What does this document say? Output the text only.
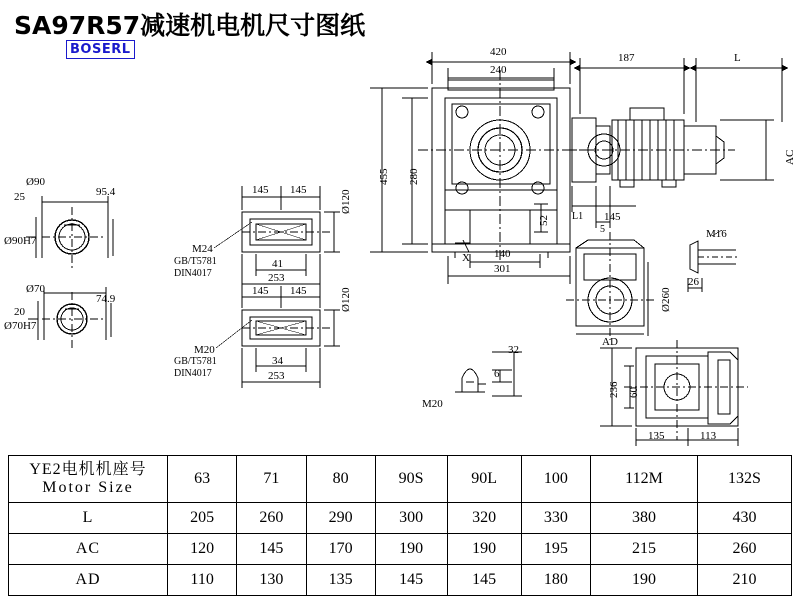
SA97R57减速机电机尺寸图纸
BOSERL
Ø90
25	95.4
Ø90H7
Ø70
20
74.9
Ø70H7
145 145	Ø120
M24
GB/T5781
DIN4017
41
253
145 145	Ø120
M20
GB/T5781
DIN4017
34
253
420
240
187	L
AC
455 280
52
140
301
X
L1 145
5	M16
26
Ø260
AD
32
6
M20
236 60
135	113
YE2电机机座号
Motor Size	63	71	80	90S	90L	100	112M	132S
L	205	260	290	300	320	330	380	430
AC	120	145	170	190	190	195	215	260
AD	110	130	135	145	145	180	190	210
